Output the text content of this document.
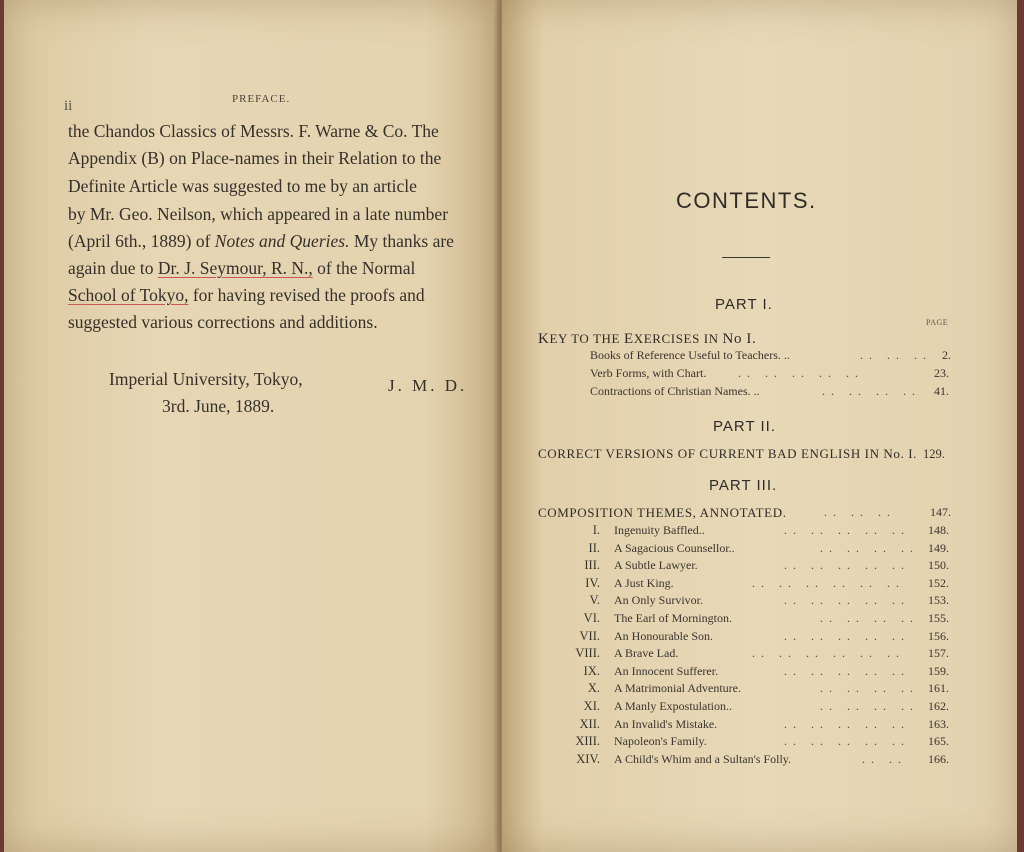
ii	PREFACE.
the Chandos Classics of Messrs. F. Warne & Co. The
Appendix (B) on Place-names in their Relation to the
Definite Article was suggested to me by an article
by Mr. Geo. Neilson, which appeared in a late number
(April 6th., 1889) of Notes and Queries. My thanks are
again due to Dr. J. Seymour, R. N., of the Normal
School of Tokyo, for having revised the proofs and
suggested various corrections and additions.
Imperial University, Tokyo,
3rd. June, 1889.
J. M. D.
CONTENTS.
PART I.
PAGE
KEY TO THE EXERCISES IN No I.
Books of Reference Useful to Teachers. ..	.. .. .. 2.
Verb Forms, with Chart.	.. .. .. .. ..	23.
Contractions of Christian Names. ..	.. .. .. .. 41.
PART II.
CORRECT VERSIONS OF CURRENT BAD ENGLISH IN No. I. 129.
PART III.
COMPOSITION THEMES, ANNOTATED.	.. .. ..	147.
I. Ingenuity Baffled..	.. .. .. .. .. 148.
II. A Sagacious Counsellor..	.. .. .. .. 149.
III. A Subtle Lawyer.	.. .. .. .. .. 150.
IV. A Just King.	.. .. .. .. .. .. 152.
V. An Only Survivor.	.. .. .. .. .. 153.
VI. The Earl of Mornington.	.. .. .. .. 155.
VII. An Honourable Son.	.. .. .. .. .. 156.
VIII. A Brave Lad.	.. .. .. .. .. .. 157.
IX. An Innocent Sufferer.	.. .. .. .. .. 159.
X. A Matrimonial Adventure.	.. .. .. .. 161.
XI. A Manly Expostulation..	.. .. .. .. 162.
XII. An Invalid's Mistake.	.. .. .. .. .. 163.
XIII. Napoleon's Family.	.. .. .. .. .. 165.
XIV. A Child's Whim and a Sultan's Folly.	.. .. 166.
